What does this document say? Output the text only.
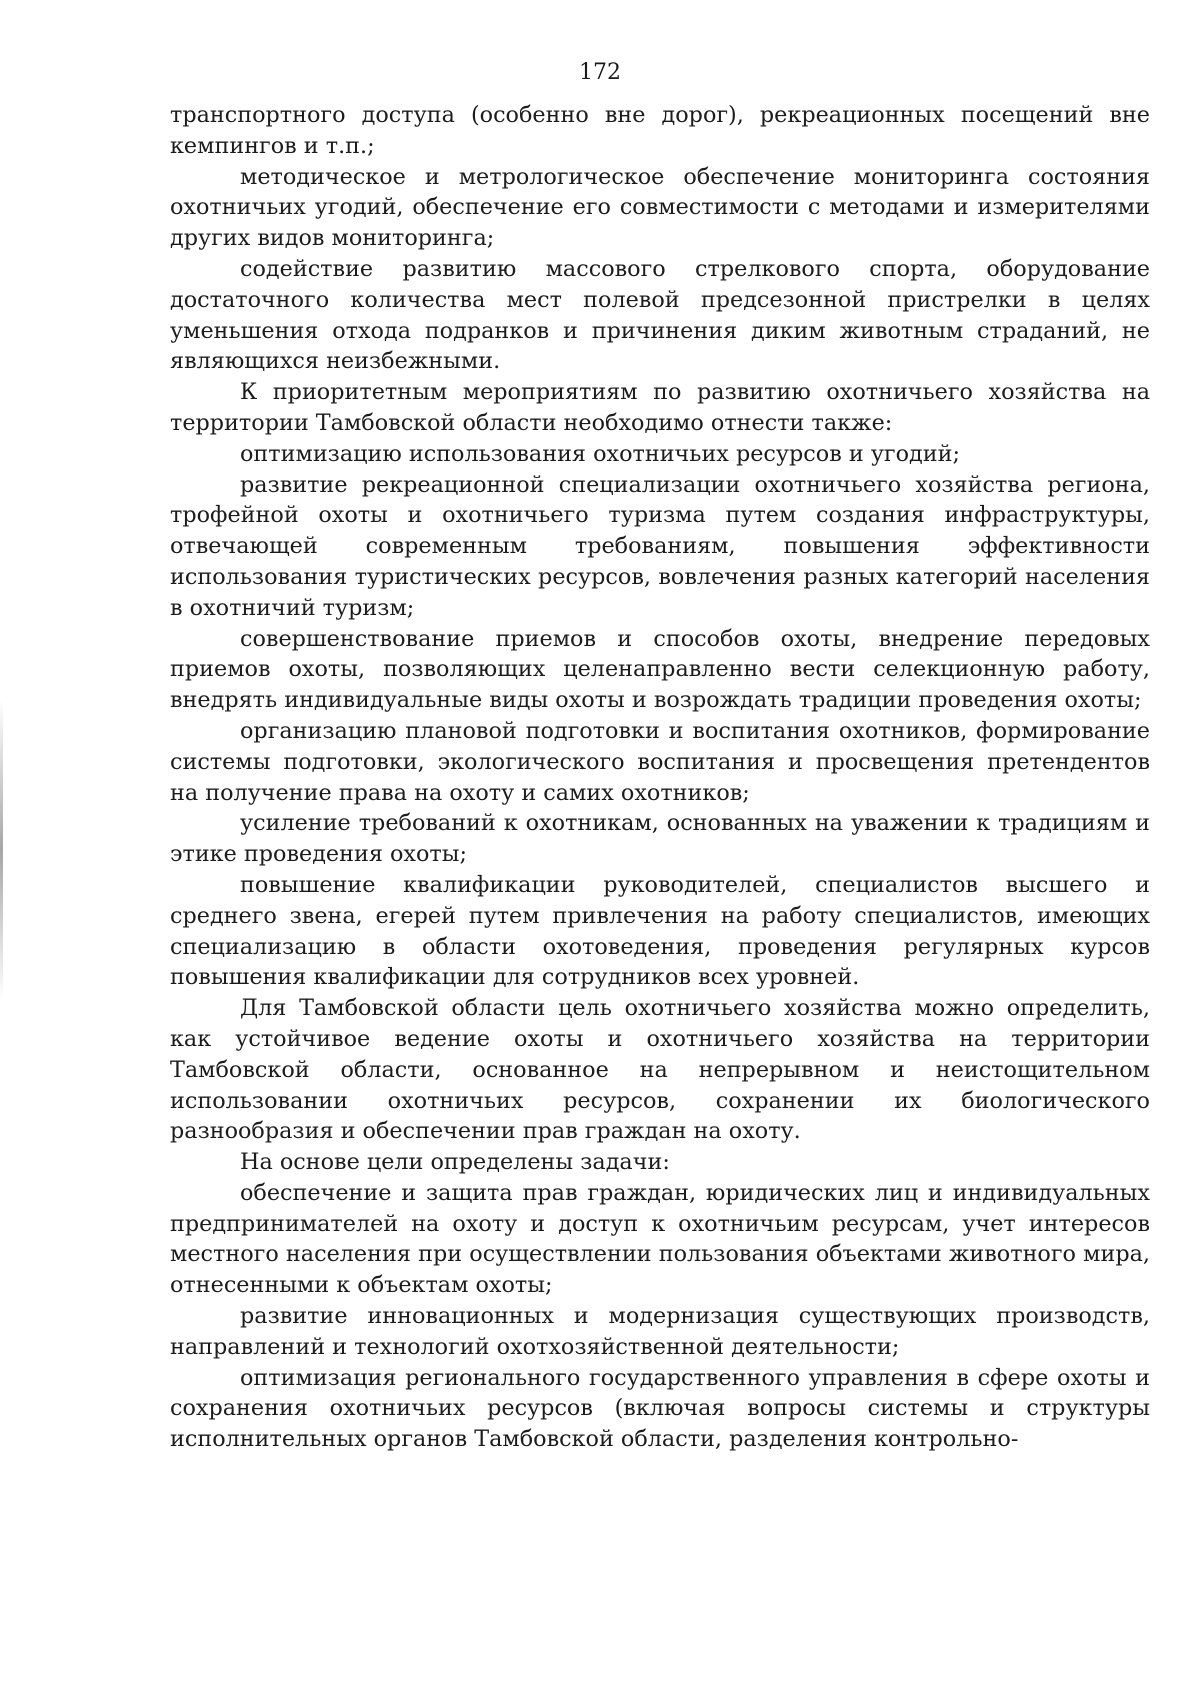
172

транспортного доступа (особенно вне дорог), рекреационных посещений вне кемпингов и т.п.;

методическое и метрологическое обеспечение мониторинга состояния охотничьих угодий, обеспечение его совместимости с методами и измерителями других видов мониторинга;

содействие развитию массового стрелкового спорта, оборудование достаточного количества мест полевой предсезонной пристрелки в целях уменьшения отхода подранков и причинения диким животным страданий, не являющихся неизбежными.

К приоритетным мероприятиям по развитию охотничьего хозяйства на территории Тамбовской области необходимо отнести также:

оптимизацию использования охотничьих ресурсов и угодий;

развитие рекреационной специализации охотничьего хозяйства региона, трофейной охоты и охотничьего туризма путем создания инфраструктуры, отвечающей современным требованиям, повышения эффективности использования туристических ресурсов, вовлечения разных категорий населения в охотничий туризм;

совершенствование приемов и способов охоты, внедрение передовых приемов охоты, позволяющих целенаправленно вести селекционную работу, внедрять индивидуальные виды охоты и возрождать традиции проведения охоты;

организацию плановой подготовки и воспитания охотников, формирование системы подготовки, экологического воспитания и просвещения претендентов на получение права на охоту и самих охотников;

усиление требований к охотникам, основанных на уважении к традициям и этике проведения охоты;

повышение квалификации руководителей, специалистов высшего и среднего звена, егерей путем привлечения на работу специалистов, имеющих специализацию в области охотоведения, проведения регулярных курсов повышения квалификации для сотрудников всех уровней.

Для Тамбовской области цель охотничьего хозяйства можно определить, как устойчивое ведение охоты и охотничьего хозяйства на территории Тамбовской области, основанное на непрерывном и неистощительном использовании охотничьих ресурсов, сохранении их биологического разнообразия и обеспечении прав граждан на охоту.

На основе цели определены задачи:

обеспечение и защита прав граждан, юридических лиц и индивидуальных предпринимателей на охоту и доступ к охотничьим ресурсам, учет интересов местного населения при осуществлении пользования объектами животного мира, отнесенными к объектам охоты;

развитие инновационных и модернизация существующих производств, направлений и технологий охотхозяйственной деятельности;

оптимизация регионального государственного управления в сфере охоты и сохранения охотничьих ресурсов (включая вопросы системы и структуры исполнительных органов Тамбовской области, разделения контрольно-
